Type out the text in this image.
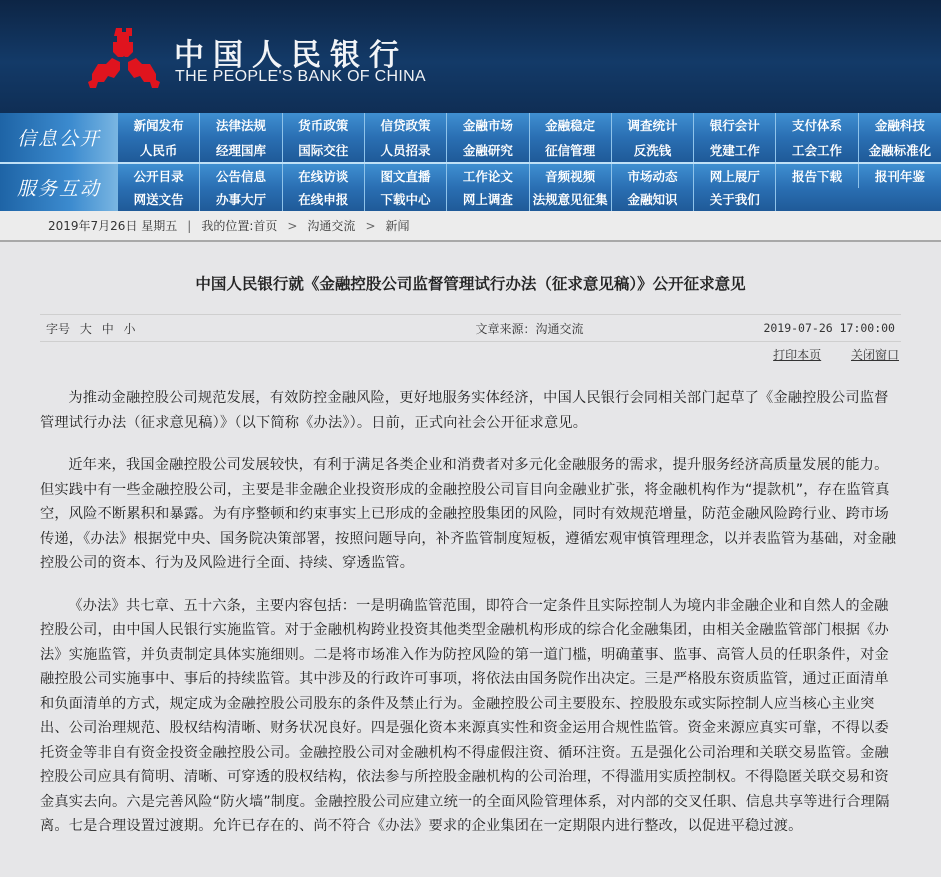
中国人民银行
THE PEOPLE'S BANK OF CHINA
信息公开
新闻发布	法律法规	货币政策	信贷政策	金融市场	金融稳定	调查统计	银行会计	支付体系	金融科技
人民币	经理国库	国际交往	人员招录	金融研究	征信管理	反洗钱	党建工作	工会工作	金融标准化
服务互动
公开目录	公告信息	在线访谈	图文直播	工作论文	音频视频	市场动态	网上展厅	报告下载	报刊年鉴
网送文告	办事大厅	在线申报	下载中心	网上调查	法规意见征集	金融知识	关于我们
2019年7月26日 星期五 | 我的位置:首页 > 沟通交流 > 新闻
中国人民银行就《金融控股公司监督管理试行办法（征求意见稿）》公开征求意见
字号 大 中 小	文章来源：沟通交流	2019-07-26 17:00:00
打印本页 关闭窗口

为推动金融控股公司规范发展，有效防控金融风险，更好地服务实体经济，中国人民银行会同相关部门起草了《金融控股公司监督管理试行办法（征求意见稿）》（以下简称《办法》）。日前，正式向社会公开征求意见。

近年来，我国金融控股公司发展较快，有利于满足各类企业和消费者对多元化金融服务的需求，提升服务经济高质量发展的能力。但实践中有一些金融控股公司，主要是非金融企业投资形成的金融控股公司盲目向金融业扩张，将金融机构作为“提款机”，存在监管真空，风险不断累积和暴露。为有序整顿和约束事实上已形成的金融控股集团的风险，同时有效规范增量，防范金融风险跨行业、跨市场传递，《办法》根据党中央、国务院决策部署，按照问题导向，补齐监管制度短板，遵循宏观审慎管理理念，以并表监管为基础，对金融控股公司的资本、行为及风险进行全面、持续、穿透监管。

《办法》共七章、五十六条，主要内容包括：一是明确监管范围，即符合一定条件且实际控制人为境内非金融企业和自然人的金融控股公司，由中国人民银行实施监管。对于金融机构跨业投资其他类型金融机构形成的综合化金融集团，由相关金融监管部门根据《办法》实施监管，并负责制定具体实施细则。二是将市场准入作为防控风险的第一道门槛，明确董事、监事、高管人员的任职条件，对金融控股公司实施事中、事后的持续监管。其中涉及的行政许可事项，将依法由国务院作出决定。三是严格股东资质监管，通过正面清单和负面清单的方式，规定成为金融控股公司股东的条件及禁止行为。金融控股公司主要股东、控股股东或实际控制人应当核心主业突出、公司治理规范、股权结构清晰、财务状况良好。四是强化资本来源真实性和资金运用合规性监管。资金来源应真实可靠，不得以委托资金等非自有资金投资金融控股公司。金融控股公司对金融机构不得虚假注资、循环注资。五是强化公司治理和关联交易监管。金融控股公司应具有简明、清晰、可穿透的股权结构，依法参与所控股金融机构的公司治理，不得滥用实质控制权。不得隐匿关联交易和资金真实去向。六是完善风险“防火墙”制度。金融控股公司应建立统一的全面风险管理体系，对内部的交叉任职、信息共享等进行合理隔离。七是合理设置过渡期。允许已存在的、尚不符合《办法》要求的企业集团在一定期限内进行整改，以促进平稳过渡。
